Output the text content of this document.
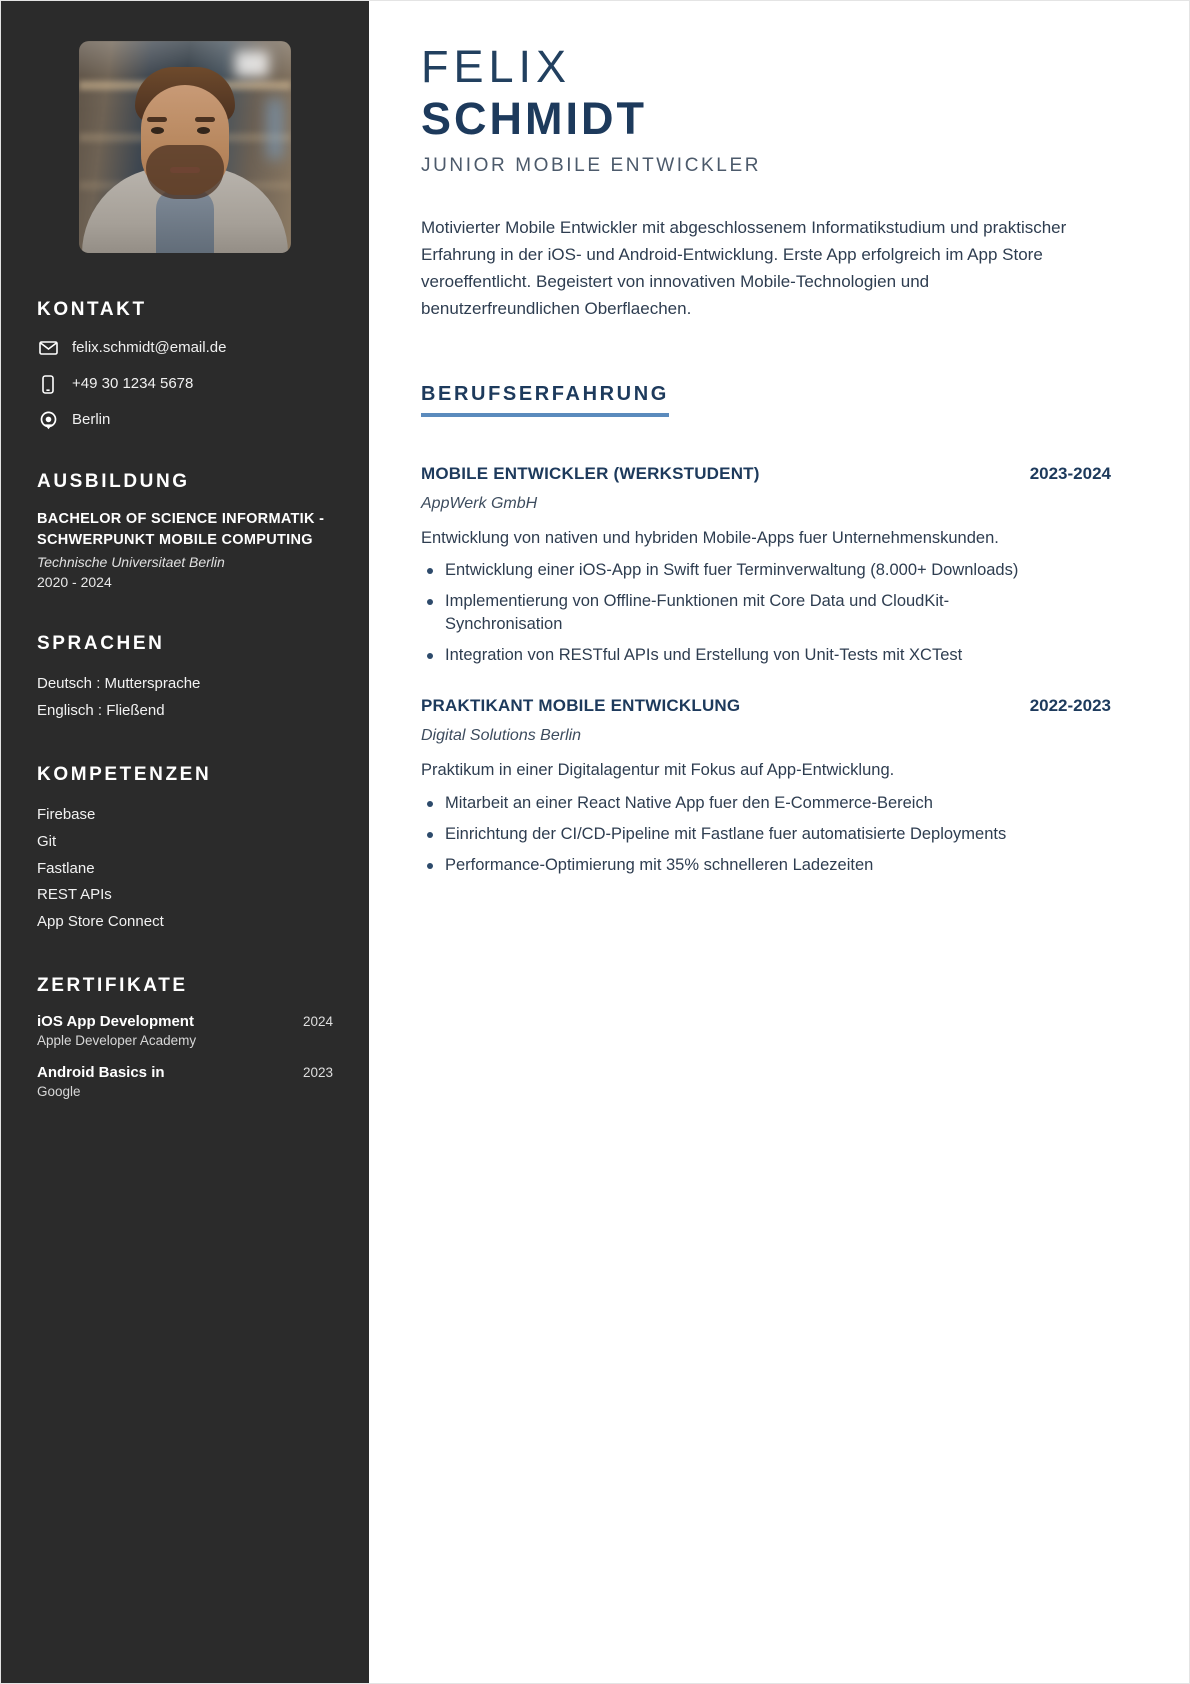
KONTAKT
felix.schmidt@email.de
+49 30 1234 5678
Berlin
AUSBILDUNG
BACHELOR OF SCIENCE INFORMATIK - SCHWERPUNKT MOBILE COMPUTING
Technische Universitaet Berlin
2020 - 2024
SPRACHEN
Deutsch : Muttersprache
Englisch : Fließend
KOMPETENZEN
Firebase
Git
Fastlane
REST APIs
App Store Connect
ZERTIFIKATE
iOS App Development	2024
Apple Developer Academy
Android Basics in	2023
Google
FELIX
SCHMIDT
JUNIOR MOBILE ENTWICKLER

Motivierter Mobile Entwickler mit abgeschlossenem Informatikstudium und praktischer Erfahrung in der iOS- und Android-Entwicklung. Erste App erfolgreich im App Store veroeffentlicht. Begeistert von innovativen Mobile-Technologien und benutzerfreundlichen Oberflaechen.

BERUFSERFAHRUNG
MOBILE ENTWICKLER (WERKSTUDENT)	2023-2024
AppWerk GmbH
Entwicklung von nativen und hybriden Mobile-Apps fuer Unternehmenskunden.
Entwicklung einer iOS-App in Swift fuer Terminverwaltung (8.000+ Downloads)
Implementierung von Offline-Funktionen mit Core Data und CloudKit-Synchronisation
Integration von RESTful APIs und Erstellung von Unit-Tests mit XCTest
PRAKTIKANT MOBILE ENTWICKLUNG	2022-2023
Digital Solutions Berlin
Praktikum in einer Digitalagentur mit Fokus auf App-Entwicklung.
Mitarbeit an einer React Native App fuer den E-Commerce-Bereich
Einrichtung der CI/CD-Pipeline mit Fastlane fuer automatisierte Deployments
Performance-Optimierung mit 35% schnelleren Ladezeiten
